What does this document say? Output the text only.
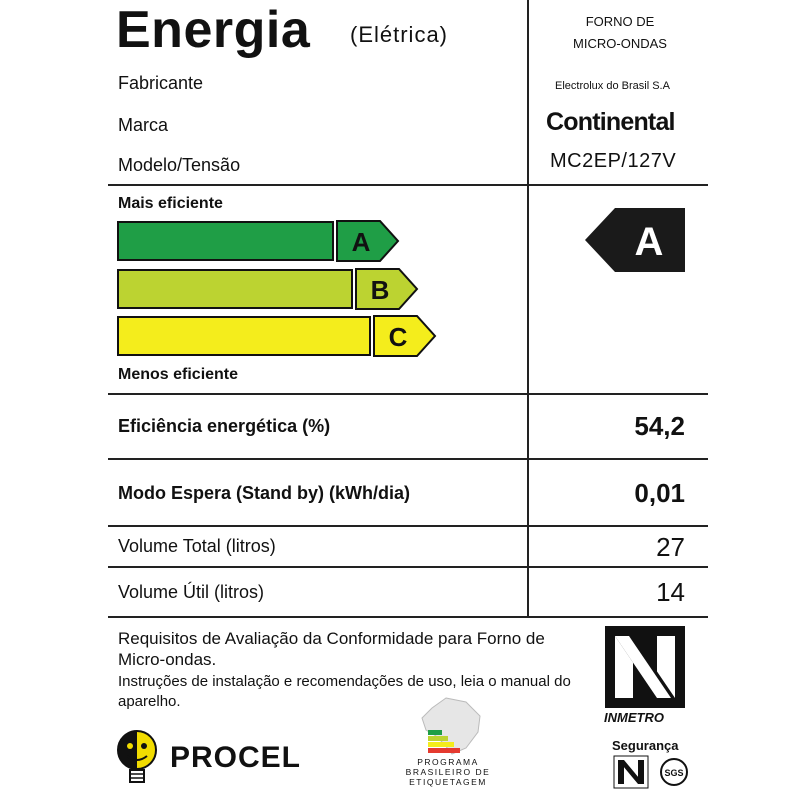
Energia (Elétrica)
FORNO DE
MICRO-ONDAS
Fabricante	Electrolux do Brasil S.A
Marca	Continental
Modelo/Tensão	MC2EP/127V
Mais eficiente
Menos eficiente
A
B
C
A
Eficiência energética (%)	54,2
Modo Espera (Stand by) (kWh/dia)	0,01
Volume Total (litros)	27
Volume Útil (litros)	14
Requisitos de Avaliação da Conformidade para Forno de Micro-ondas.
Instruções de instalação e recomendações de uso, leia o manual do aparelho.
INMETRO
Segurança
SGS
PROCEL	PROGRAMA
BRASILEIRO DE
ETIQUETAGEM
